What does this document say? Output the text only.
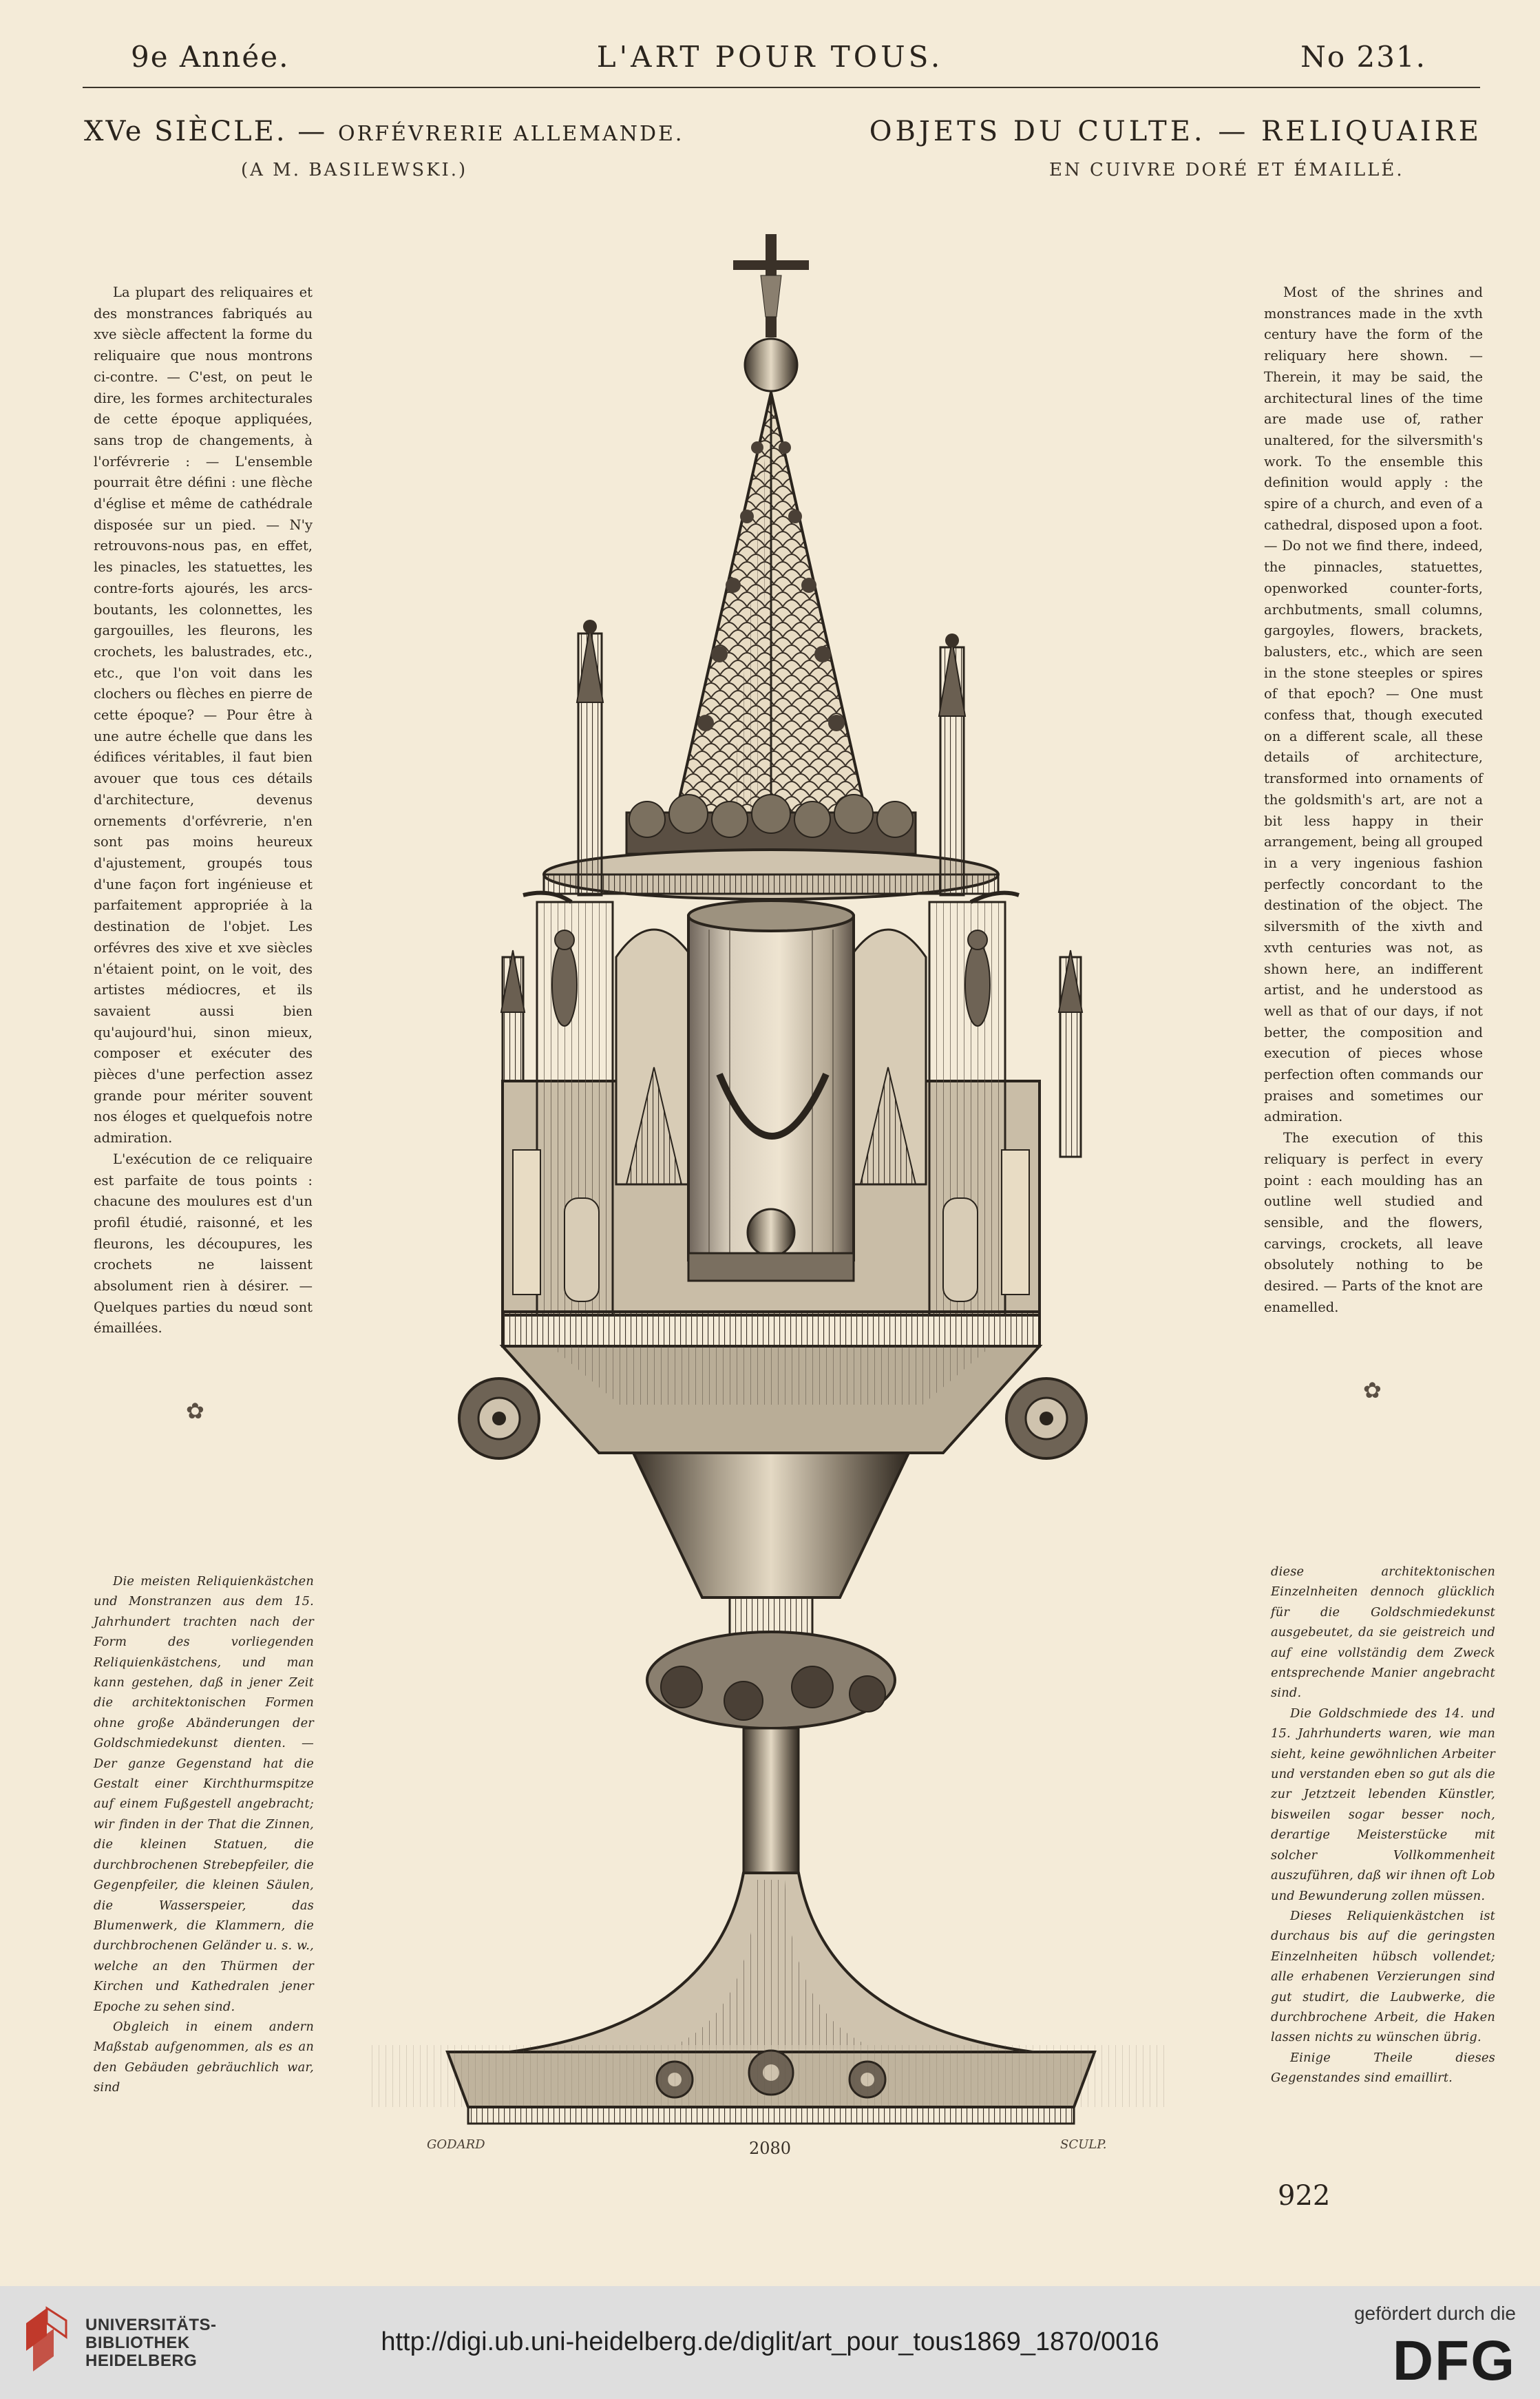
9e Année.	L'ART POUR TOUS.	No 231.
XVe SIÈCLE. — ORFÉVRERIE ALLEMANDE.
(A M. BASILEWSKI.)
OBJETS DU CULTE. — RELIQUAIRE
EN CUIVRE DORÉ ET ÉMAILLÉ.

La plupart des reliquaires et des monstrances fabriqués au xve siècle affectent la forme du reliquaire que nous montrons ci-contre. — C'est, on peut le dire, les formes architecturales de cette époque appliquées, sans trop de changements, à l'orfévrerie : — L'ensemble pourrait être défini : une flèche d'église et même de cathédrale disposée sur un pied. — N'y retrouvons-nous pas, en effet, les pinacles, les statuettes, les contre-forts ajourés, les arcs-boutants, les colonnettes, les gargouilles, les fleurons, les crochets, les balustrades, etc., etc., que l'on voit dans les clochers ou flèches en pierre de cette époque? — Pour être à une autre échelle que dans les édifices véritables, il faut bien avouer que tous ces détails d'architecture, devenus ornements d'orfévrerie, n'en sont pas moins heureux d'ajustement, groupés tous d'une façon fort ingénieuse et parfaitement appropriée à la destination de l'objet. Les orfévres des xive et xve siècles n'étaient point, on le voit, des artistes médiocres, et ils savaient aussi bien qu'aujourd'hui, sinon mieux, composer et exécuter des pièces d'une perfection assez grande pour mériter souvent nos éloges et quelquefois notre admiration.

L'exécution de ce reliquaire est parfaite de tous points : chacune des moulures est d'un profil étudié, raisonné, et les fleurons, les découpures, les crochets ne laissent absolument rien à désirer. — Quelques parties du nœud sont émaillées.

Most of the shrines and monstrances made in the xvth century have the form of the reliquary here shown. — Therein, it may be said, the architectural lines of the time are made use of, rather unaltered, for the silversmith's work. To the ensemble this definition would apply : the spire of a church, and even of a cathedral, disposed upon a foot. — Do not we find there, indeed, the pinnacles, statuettes, openworked counter-forts, archbutments, small columns, gargoyles, flowers, brackets, balusters, etc., which are seen in the stone steeples or spires of that epoch? — One must confess that, though executed on a different scale, all these details of architecture, transformed into ornaments of the goldsmith's art, are not a bit less happy in their arrangement, being all grouped in a very ingenious fashion perfectly concordant to the destination of the object. The silversmith of the xivth and xvth centuries was not, as shown here, an indifferent artist, and he understood as well as that of our days, if not better, the composition and execution of pieces whose perfection often commands our praises and sometimes our admiration.

The execution of this reliquary is perfect in every point : each moulding has an outline well studied and sensible, and the flowers, carvings, crockets, all leave obsolutely nothing to be desired. — Parts of the knot are enamelled.

✿
✿

Die meisten Reliquienkästchen und Monstranzen aus dem 15. Jahrhundert trachten nach der Form des vorliegenden Reliquienkästchens, und man kann gestehen, daß in jener Zeit die architektonischen Formen ohne große Abänderungen der Goldschmiedekunst dienten. — Der ganze Gegenstand hat die Gestalt einer Kirchthurmspitze auf einem Fußgestell angebracht; wir finden in der That die Zinnen, die kleinen Statuen, die durchbrochenen Strebepfeiler, die Gegenpfeiler, die kleinen Säulen, die Wasserspeier, das Blumenwerk, die Klammern, die durchbrochenen Geländer u. s. w., welche an den Thürmen der Kirchen und Kathedralen jener Epoche zu sehen sind.

Obgleich in einem andern Maßstab aufgenommen, als es an den Gebäuden gebräuchlich war, sind

diese architektonischen Einzelnheiten dennoch glücklich für die Goldschmiedekunst ausgebeutet, da sie geistreich und auf eine vollständig dem Zweck entsprechende Manier angebracht sind.

Die Goldschmiede des 14. und 15. Jahrhunderts waren, wie man sieht, keine gewöhnlichen Arbeiter und verstanden eben so gut als die zur Jetztzeit lebenden Künstler, bisweilen sogar besser noch, derartige Meisterstücke mit solcher Vollkommenheit auszuführen, daß wir ihnen oft Lob und Bewunderung zollen müssen.

Dieses Reliquienkästchen ist durchaus bis auf die geringsten Einzelnheiten hübsch vollendet; alle erhabenen Verzierungen sind gut studirt, die Laubwerke, die durchbrochene Arbeit, die Haken lassen nichts zu wünschen übrig.

Einige Theile dieses Gegenstandes sind emaillirt.

GODARD	SCULP.
2080
922
UNIVERSITÄTS-
BIBLIOTHEK
HEIDELBERG
http://digi.ub.uni-heidelberg.de/diglit/art_pour_tous1869_1870/0016
gefördert durch die
DFG
